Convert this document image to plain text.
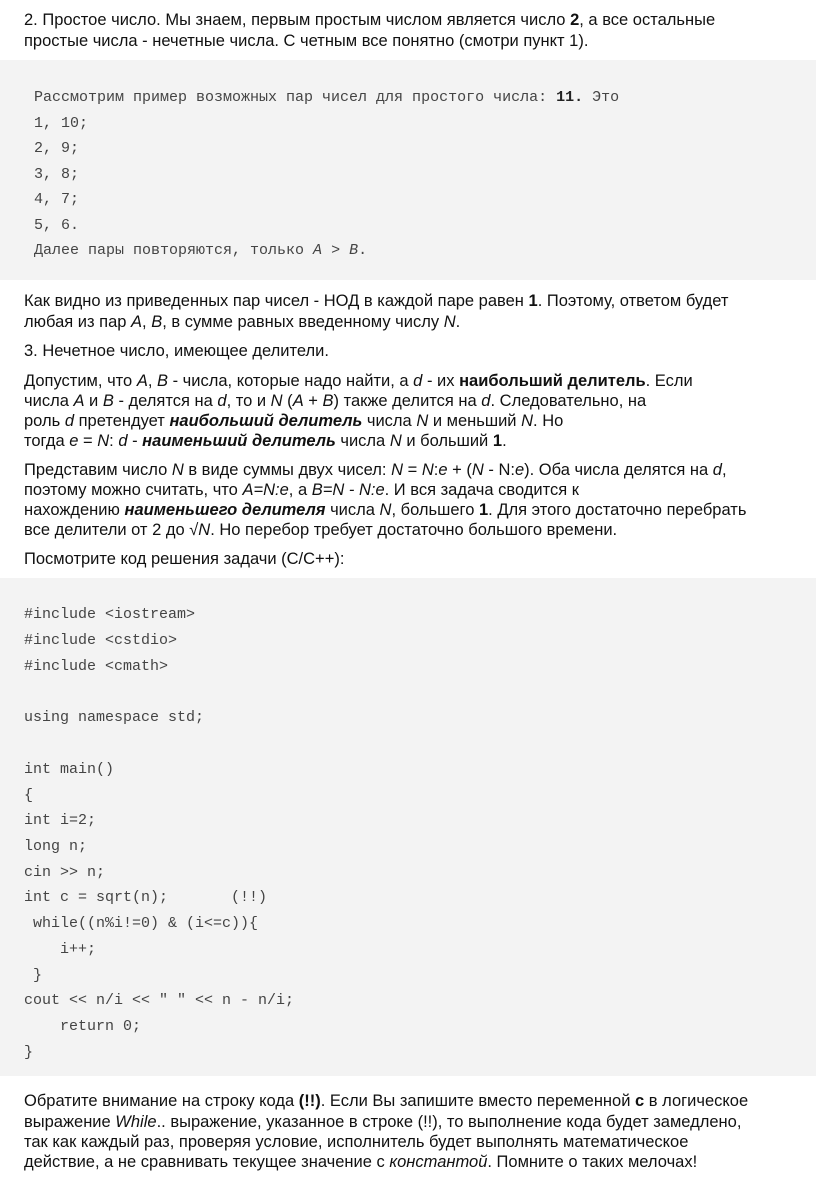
2. Простое число. Мы знаем, первым простым числом является число 2, а все остальные

простые числа - нечетные числа. С четным все понятно (смотри пункт 1).

Рассмотрим пример возможных пар чисел для простого числа: 11. Это
1, 10;
2, 9;
3, 8;
4, 7;
5, 6.
Далее пары повторяются, только A > B.

Как видно из приведенных пар чисел - НОД в каждой паре равен 1. Поэтому, ответом будет

любая из пар A, B, в сумме равных введенному числу N.

3. Нечетное число, имеющее делители.

Допустим, что A, B - числа, которые надо найти, а d - их наибольший делитель. Если

числа A и B - делятся на d, то и N (A + B) также делится на d. Следовательно, на

роль d претендует наибольший делитель числа N и меньший N. Но

тогда e = N: d - наименьший делитель числа N и больший 1.

Представим число N в виде суммы двух чисел: N = N:e + (N - N:e). Оба числа делятся на d,

поэтому можно считать, что A=N:e, а B=N - N:e. И вся задача сводится к

нахождению наименьшего делителя числа N, большего 1. Для этого достаточно перебрать

все делители от 2 до √N. Но перебор требует достаточно большого времени.

Посмотрите код решения задачи (C/C++):

#include <iostream>
#include <cstdio>
#include <cmath>
using namespace std;
int main()
{
int i=2;
long n;
cin >> n;
int c = sqrt(n);       (!!)
while((n%i!=0) & (i<=c)){
i++;
}
cout << n/i << " " << n - n/i;
return 0;
}

Обратите внимание на строку кода (!!). Если Вы запишите вместо переменной c в логическое

выражение While.. выражение, указанное в строке (!!), то выполнение кода будет замедлено,

так как каждый раз, проверяя условие, исполнитель будет выполнять математическое

действие, а не сравнивать текущее значение с константой. Помните о таких мелочах!
